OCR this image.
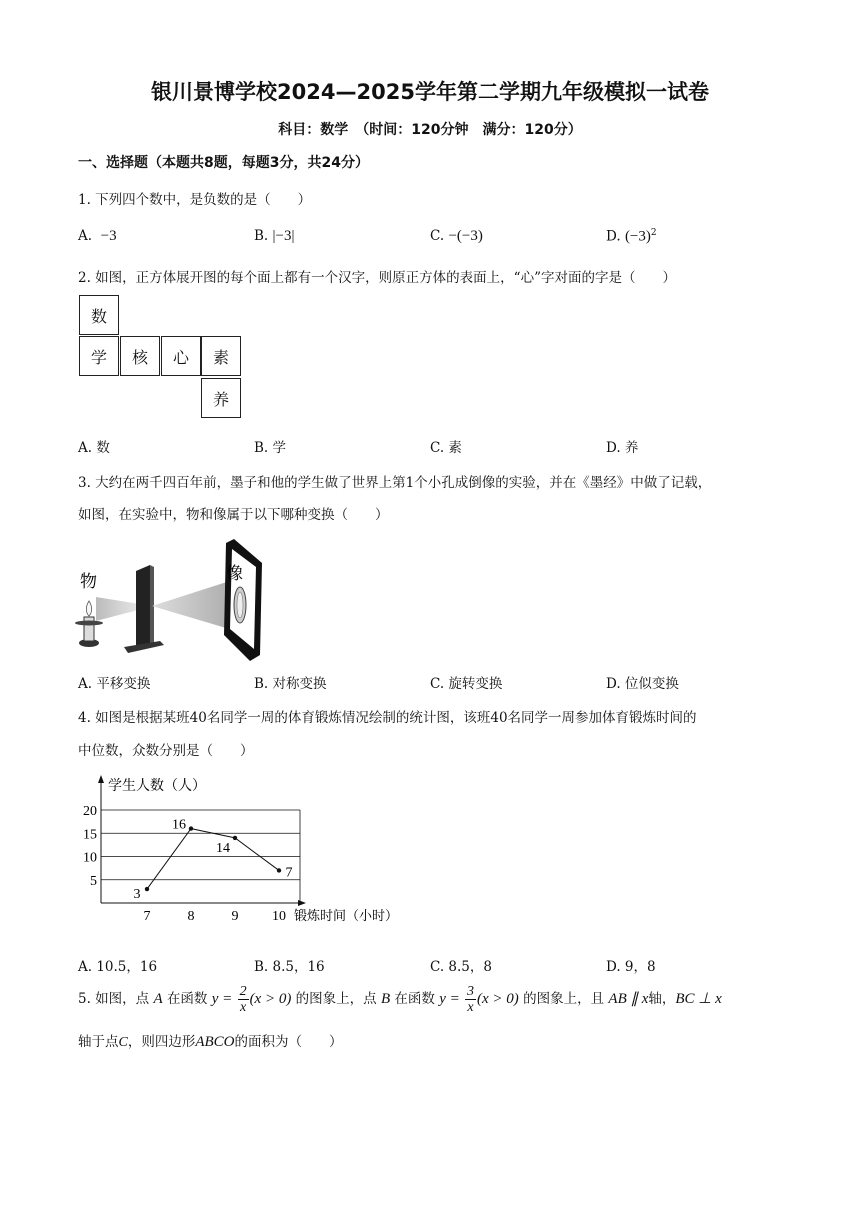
银川景博学校2024—2025学年第二学期九年级模拟一试卷
科目：数学　（时间：120分钟　满分：120分）
一、选择题（本题共8题，每题3分，共24分）
1. 下列四个数中，是负数的是（　　）
A. −3	B. |−3|	C. −(−3)	D. $(-3)^2$
2. 如图，正方体展开图的每个面上都有一个汉字，则原正方体的表面上，“心”字对面的字是（　　）
数
学	核	心	素
养
A. 数	B. 学	C. 素	D. 养
3. 大约在两千四百年前，墨子和他的学生做了世界上第1个小孔成倒像的实验，并在《墨经》中做了记载，
如图，在实验中，物和像属于以下哪种变换（　　）
物	像
A. 平移变换	B. 对称变换	C. 旋转变换	D. 位似变换
4. 如图是根据某班40名同学一周的体育锻炼情况绘制的统计图，该班40名同学一周参加体育锻炼时间的
中位数，众数分别是（　　）
学生人数（人）
锻炼时间（小时）
5
10
15
20
7	8	9 10
3
16
14
7
A. 10.5，16	B. 8.5，16	C. 8.5，8	D. 9，8
5. 如图，点 A 在函数 $y = \frac{2}{x} (x > 0)$ 的图象上，点 B 在函数 $y = \frac{3}{x} (x > 0)$ 的图象上，且 AB ∥ x轴，BC ⊥ x
轴于点C，则四边形ABCO的面积为（　　）
